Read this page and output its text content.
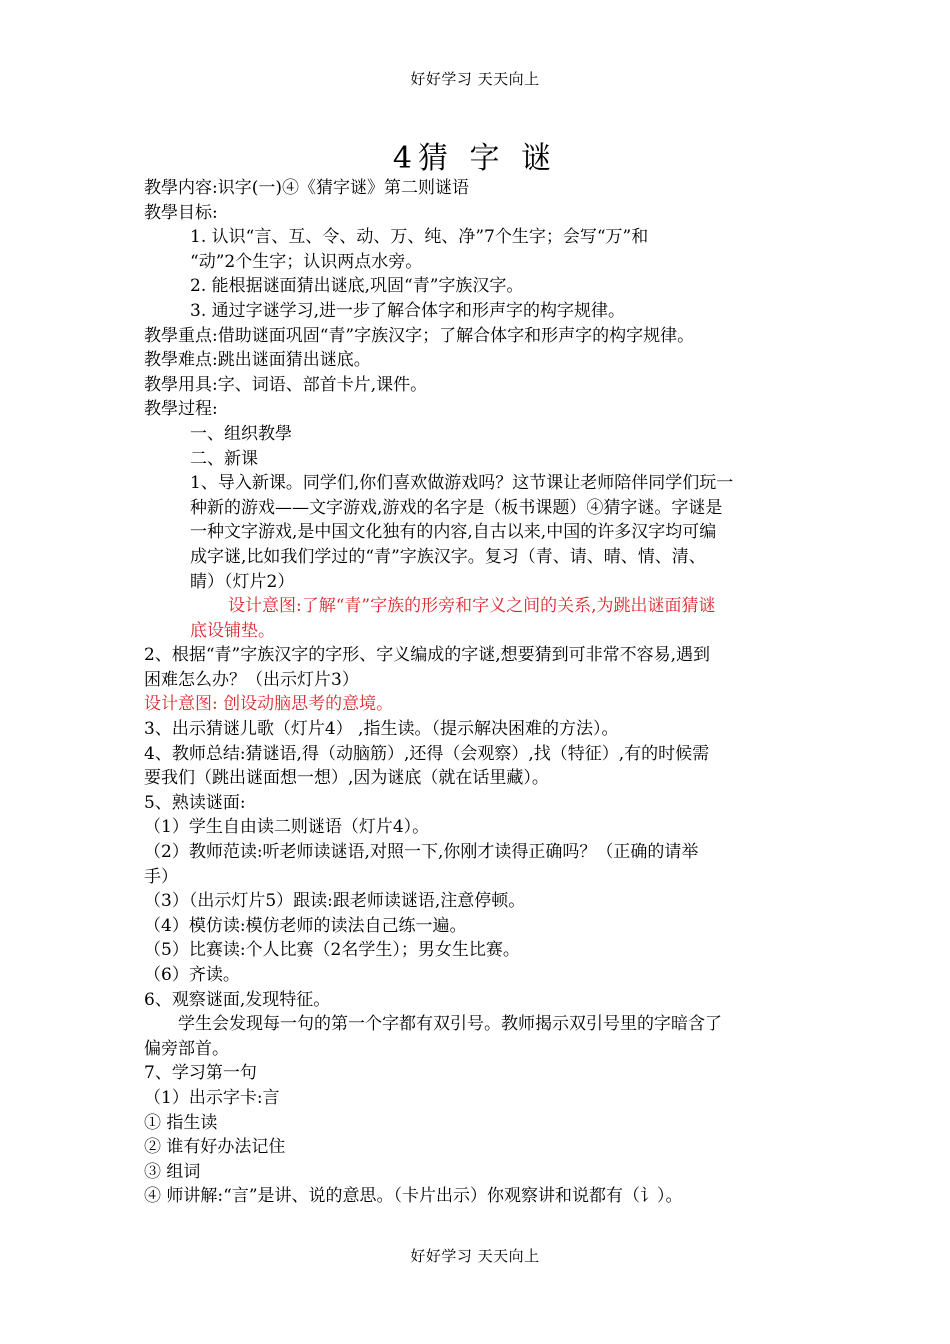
好好学习 天天向上
4猜 字 谜

教學内容:识字(一)④《猜字谜》第二则谜语

教學目标:

1. 认识“言、互、令、动、万、纯、净”7个生字；会写“万”和

“动”2个生字；认识两点水旁。

2. 能根据谜面猜出谜底,巩固“青”字族汉字。

3. 通过字谜学习,进一步了解合体字和形声字的构字规律。

教學重点:借助谜面巩固“青”字族汉字；了解合体字和形声字的构字规律。

教學难点:跳出谜面猜出谜底。

教學用具:字、词语、部首卡片,课件。

教學过程:

一、组织教學

二、新课

1、导入新课。同学们,你们喜欢做游戏吗？这节课让老师陪伴同学们玩一

种新的游戏——文字游戏,游戏的名字是（板书课题）④猜字谜。字谜是

一种文字游戏,是中国文化独有的内容,自古以来,中国的许多汉字均可编

成字谜,比如我们学过的“青”字族汉字。复习（青、请、晴、情、清、

睛）（灯片2）

设计意图:了解“青”字族的形旁和字义之间的关系,为跳出谜面猜谜

底设铺垫。

2、根据“青”字族汉字的字形、字义编成的字谜,想要猜到可非常不容易,遇到

困难怎么办？（出示灯片3）

设计意图: 创设动脑思考的意境。

3、出示猜谜儿歌（灯片4） ,指生读。（提示解决困难的方法）。

4、教师总结:猜谜语,得（动脑筋）,还得（会观察）,找（特征）,有的时候需

要我们（跳出谜面想一想）,因为谜底（就在话里藏）。

5、熟读谜面:

（1）学生自由读二则谜语（灯片4）。

（2）教师范读:听老师读谜语,对照一下,你刚才读得正确吗？（正确的请举

手）

（3）（出示灯片5）跟读:跟老师读谜语,注意停顿。

（4）模仿读:模仿老师的读法自己练一遍。

（5）比赛读:个人比赛（2名学生）；男女生比赛。

（6）齐读。

6、观察谜面,发现特征。

学生会发现每一句的第一个字都有双引号。教师揭示双引号里的字暗含了

偏旁部首。

7、学习第一句

（1）出示字卡:言

① 指生读

② 谁有好办法记住

③ 组词

④ 师讲解:“言”是讲、说的意思。（卡片出示）你观察讲和说都有（讠）。

好好学习 天天向上
